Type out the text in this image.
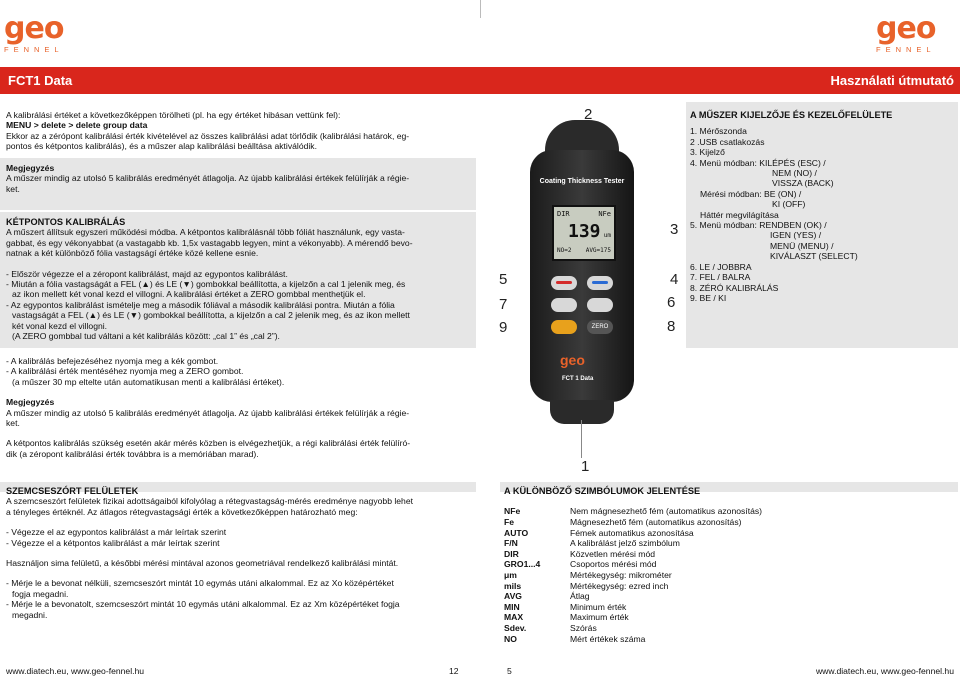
geo
FENNEL
geo
FENNEL
FCT1 Data	Használati útmutató

A kalibrálási értéket a következőképpen törölheti (pl. ha egy értéket hibásan vettünk fel):

MENU > delete > delete group data

Ekkor az a zérópont kalibrálási érték kivételével az összes kalibrálási adat törlődik (kalibrálási határok, eg-

pontos és kétpontos kalibrálás), és a műszer alap kalibrálási beálltása aktiválódik.

Megjegyzés

A műszer mindig az utolsó 5 kalibrálás eredményét átlagolja. Az újabb kalibrálási értékek felülírják a régie-

ket.

KÉTPONTOS KALIBRÁLÁS

A műszert állítsuk egyszeri működési módba. A kétpontos kalibrálásnál több fóliát használunk, egy vasta-

gabbat, és egy vékonyabbat (a vastagabb kb. 1,5x vastagabb legyen, mint a vékonyabb). A mérendő bevo-

natnak a két különböző fólia vastagságí értéke közé kellene esnie.

- Először végezze el a zéropont kalibrálást, majd az egypontos kalibrálást.

- Miután a fólia vastagságát a FEL (▲) és LE (▼) gombokkal beállította, a kijelzőn a cal 1 jelenik meg, és

az ikon mellett két vonal kezd el villogni. A kalibrálási értéket a ZERO gombbal menthetjük el.

- Az egypontos kalibrálást ismételje meg a második fóliával a második kalibrálási pontra. Miután a fólia

vastagságát a FEL (▲) és LE (▼) gombokkal beállította, a kijelzőn a cal 2 jelenik meg, és az ikon mellett

két vonal kezd el villogni.

(A ZERO gombbal tud váltani a két kalibrálás között: „cal 1” és „cal 2”).

- A kalibrálás befejezéséhez nyomja meg a kék gombot.

- A kalibrálási érték mentéséhez nyomja meg a ZERO gombot.

(a műszer 30 mp eltelte után automatikusan menti a kalibrálási értéket).

Megjegyzés

A műszer mindig az utolsó 5 kalibrálás eredményét átlagolja. Az újabb kalibrálási értékek felülírják a régie-

ket.

A kétpontos kalibrálás szükség esetén akár mérés közben is elvégezhetjük, a régi kalibrálási érték felülíró-

dik (a zéropont kalibrálási érték továbbra is a memóriában marad).

SZEMCSESZÓRT FELÜLETEK

A szemcseszórt felületek fizikai adottságaiból kifolyólag a rétegvastagság-mérés eredménye nagyobb lehet

a tényleges értéknél. Az átlagos rétegvastagsági érték a következőképpen határozható meg:

- Végezze el az egypontos kalibrálást a már leírtak szerint

- Végezze el a kétpontos kalibrálást a már leírtak szerint

Használjon sima felületű, a későbbi mérési mintával azonos geometriával rendelkező kalibrálási mintát.

- Mérje le a bevonat nélküli, szemcseszórt mintát 10 egymás utáni alkalommal. Ez az Xo középértéket

fogja megadni.

- Mérje le a bevonatolt, szemcseszórt mintát 10 egymás utáni alkalommal. Ez az Xm középértéket fogja

megadni.

Coating Thickness Tester
DIR	NFe
139 um
NO=2 AVG=175
ZERO
geo
FCT 1 Data
2
3
4
5
6
7
8
9
1

A MŰSZER KIJELZŐJE ÉS KEZELŐFELÜLETE

1. Mérőszonda

2 .USB csatlakozás

3. Kijelző

4. Menü módban: KILÉPÉS (ESC) /

NEM (NO) /

VISSZA (BACK)

Mérési módban: BE (ON) /

KI (OFF)

Háttér megvilágítása

5. Menü módban: RENDBEN (OK) /

IGEN (YES) /

MENÜ (MENU) /

KIVÁLASZT (SELECT)

6. LE / JOBBRA

7. FEL / BALRA

8. ZÉRÓ KALIBRÁLÁS

9. BE / KI

A KÜLÖNBÖZŐ SZIMBÓLUMOK JELENTÉSE

NFe	Nem mágnesezhető fém (automatikus azonosítás)
Fe	Mágnesezhető fém (automatikus azonosítás)
AUTO	Fémek automatikus azonosítása
F/N	A kalibrálást jelző szimbólum
DIR	Közvetlen mérési mód
GRO1...4	Csoportos mérési mód
μm	Mértékegység: mikrométer
mils	Mértékegység: ezred inch
AVG	Átlag
MIN	Minimum érték
MAX	Maximum érték
Sdev.	Szórás
NO	Mért értékek száma
www.diatech.eu, www.geo-fennel.hu	12	5	www.diatech.eu, www.geo-fennel.hu
